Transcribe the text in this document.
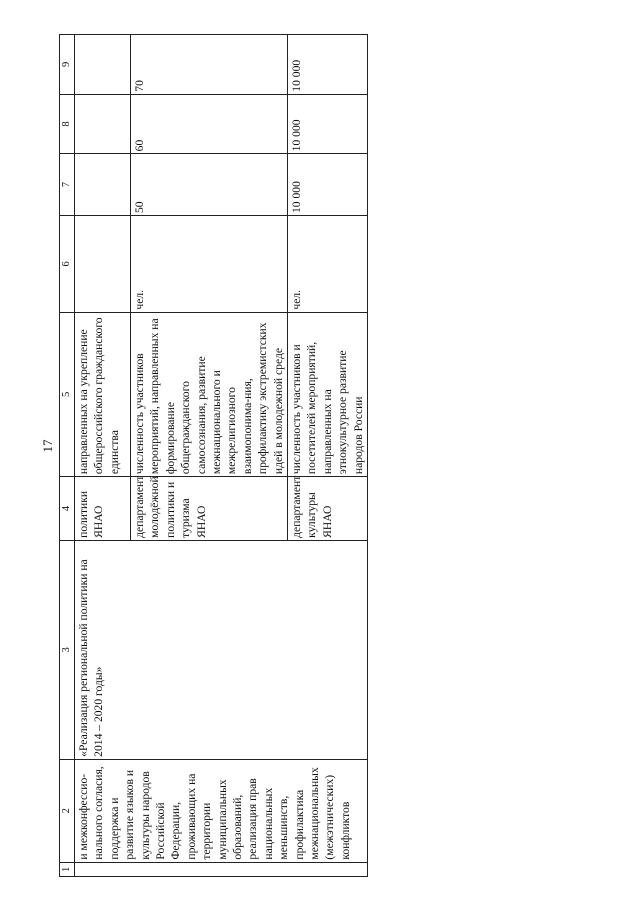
17
1	2	3	4	5	6	7	8	9
	и межконфессио-нального согласия, поддержка и развитие языков и культуры народов Российской Федерации, проживающих на территории муниципальных образований, реализация прав национальных меньшинств, профилактика межнациональных (межэтнических) конфликтов	«Реализация региональной политики на 2014 – 2020 годы»	политики ЯНАО	направленных на укрепление общероссийского гражданского единства				
			департамент молодёжной политики и туризма ЯНАО	численность участников мероприятий, направленных на формирование общегражданского самосознания, развитие межнационального и межрелигиозного взаимопонима-ния, профилактику экстремистских идей в молодежной среде	чел.	50	60	70
			департамент культуры ЯНАО	численность участников и посетителей мероприятий, направленных на этнокультурное развитие народов России	чел.	10 000	10 000	10 000
